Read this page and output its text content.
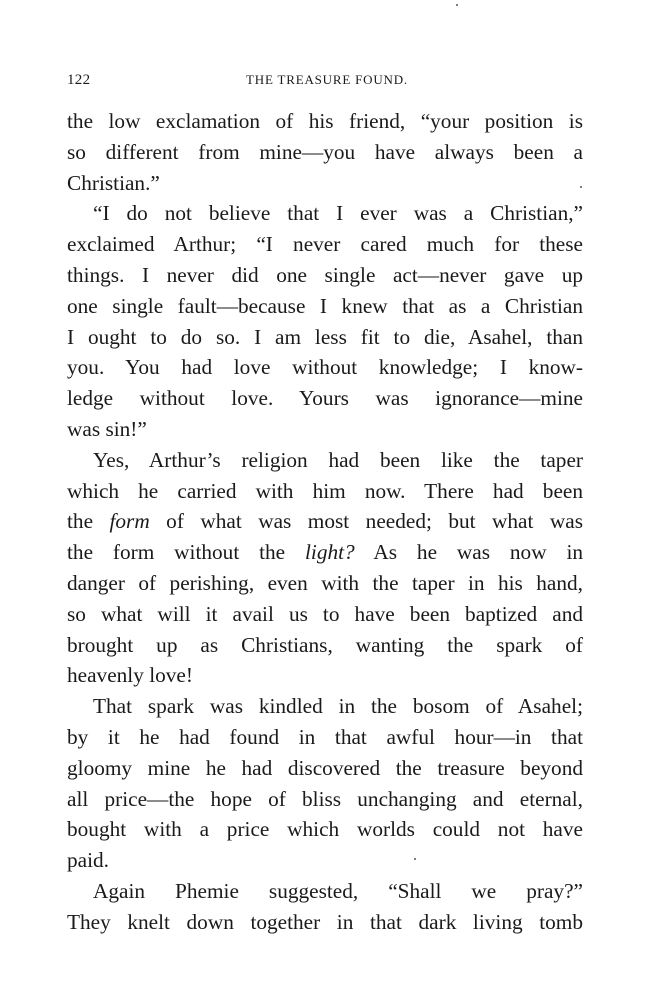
122	THE TREASURE FOUND.
the low exclamation of his friend, “your position is
so different from mine—you have always been a
Christian.”
“I do not believe that I ever was a Christian,”
exclaimed Arthur; “I never cared much for these
things. I never did one single act—never gave up
one single fault—because I knew that as a Christian
I ought to do so. I am less fit to die, Asahel, than
you. You had love without knowledge; I know-
ledge without love. Yours was ignorance—mine
was sin!”
Yes, Arthur’s religion had been like the taper
which he carried with him now. There had been
the form of what was most needed; but what was
the form without the light? As he was now in
danger of perishing, even with the taper in his hand,
so what will it avail us to have been baptized and
brought up as Christians, wanting the spark of
heavenly love!
That spark was kindled in the bosom of Asahel;
by it he had found in that awful hour—in that
gloomy mine he had discovered the treasure beyond
all price—the hope of bliss unchanging and eternal,
bought with a price which worlds could not have
paid.
Again Phemie suggested, “Shall we pray?”
They knelt down together in that dark living tomb
